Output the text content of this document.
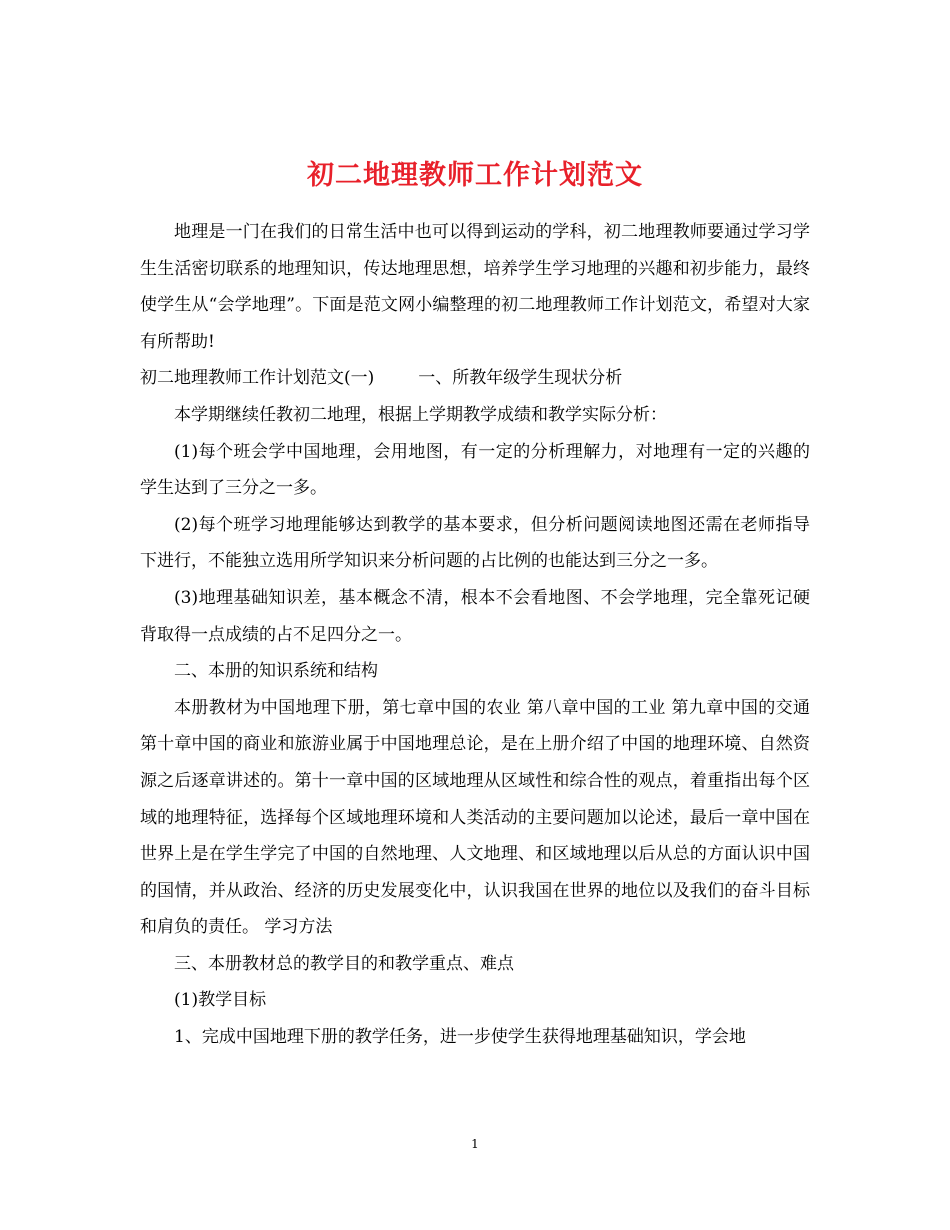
初二地理教师工作计划范文

地理是一门在我们的日常生活中也可以得到运动的学科，初二地理教师要通过学习学生生活密切联系的地理知识，传达地理思想，培养学生学习地理的兴趣和初步能力，最终使学生从“会学地理”。下面是范文网小编整理的初二地理教师工作计划范文，希望对大家有所帮助!

初二地理教师工作计划范文(一)	一、所教年级学生现状分析

本学期继续任教初二地理，根据上学期教学成绩和教学实际分析：

(1)每个班会学中国地理，会用地图，有一定的分析理解力，对地理有一定的兴趣的学生达到了三分之一多。

(2)每个班学习地理能够达到教学的基本要求，但分析问题阅读地图还需在老师指导下进行，不能独立选用所学知识来分析问题的占比例的也能达到三分之一多。

(3)地理基础知识差，基本概念不清，根本不会看地图、不会学地理，完全靠死记硬背取得一点成绩的占不足四分之一。

二、本册的知识系统和结构

本册教材为中国地理下册，第七章中国的农业 第八章中国的工业 第九章中国的交通 第十章中国的商业和旅游业属于中国地理总论，是在上册介绍了中国的地理环境、自然资源之后逐章讲述的。第十一章中国的区域地理从区域性和综合性的观点，着重指出每个区域的地理特征，选择每个区域地理环境和人类活动的主要问题加以论述，最后一章中国在世界上是在学生学完了中国的自然地理、人文地理、和区域地理以后从总的方面认识中国的国情，并从政治、经济的历史发展变化中，认识我国在世界的地位以及我们的奋斗目标和肩负的责任。 学习方法

三、本册教材总的教学目的和教学重点、难点

(1)教学目标

1、完成中国地理下册的教学任务，进一步使学生获得地理基础知识，学会地

1
